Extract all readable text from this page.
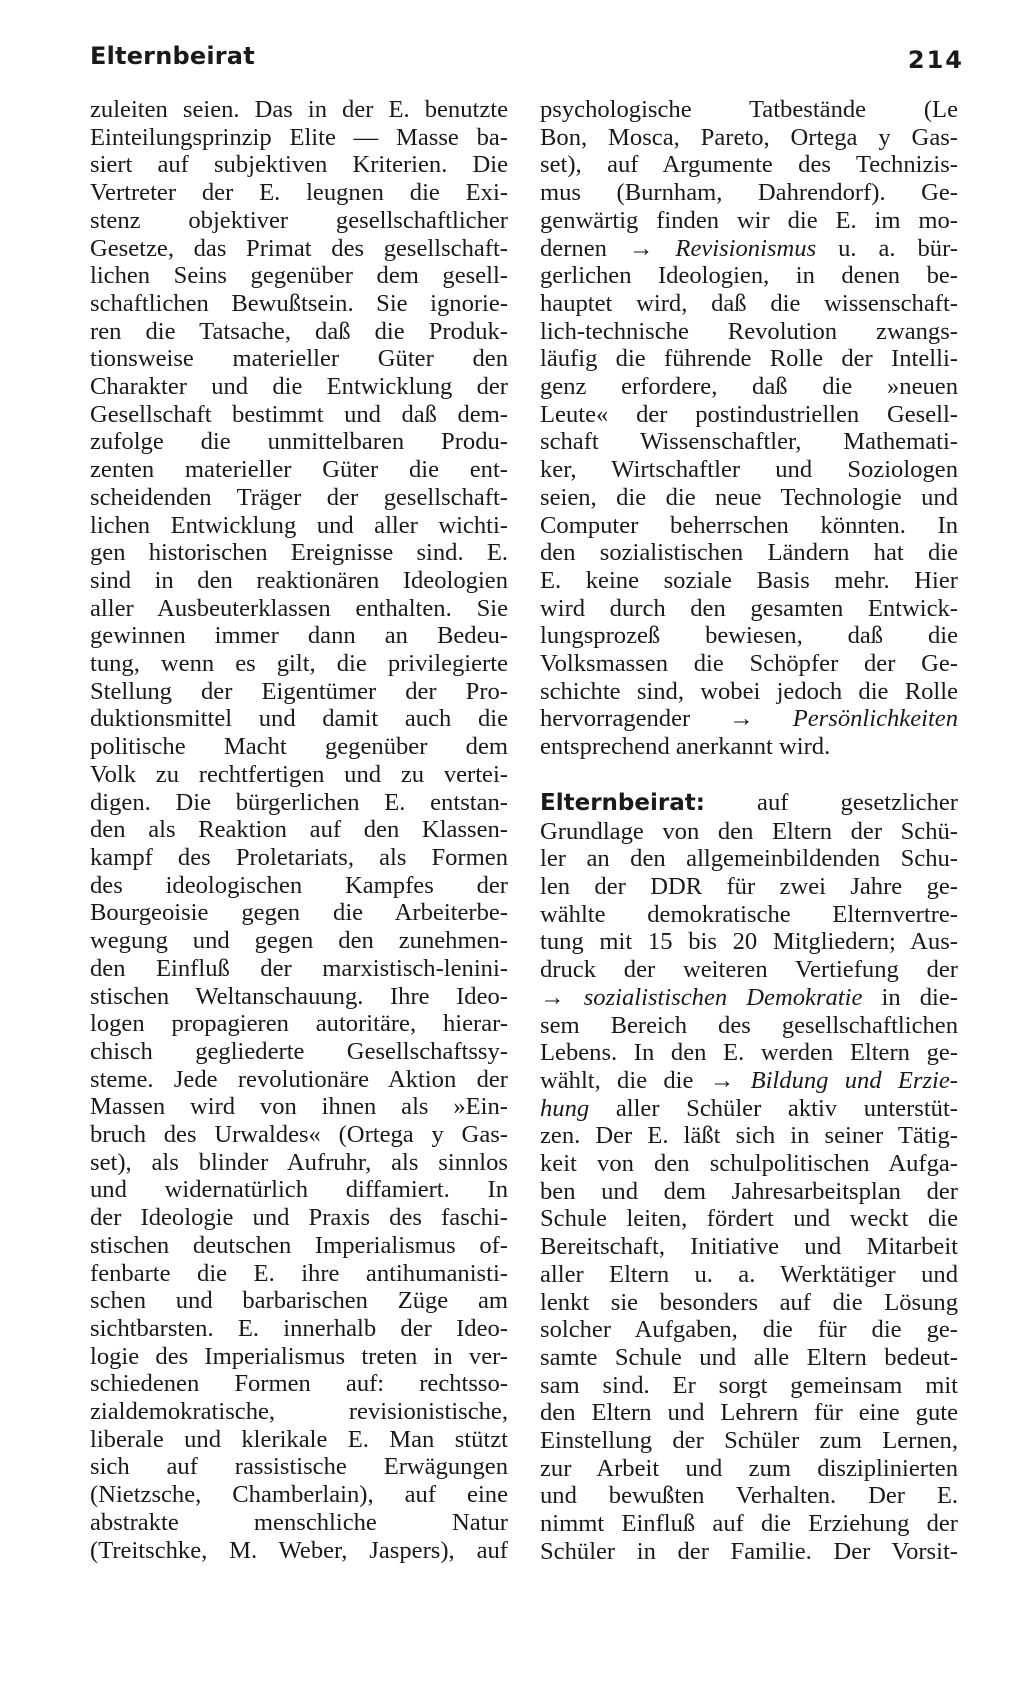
Elternbeirat	214
zuleiten seien. Das in der E. benutzte
Einteilungsprinzip Elite — Masse ba-
siert auf subjektiven Kriterien. Die
Vertreter der E. leugnen die Exi-
stenz objektiver gesellschaftlicher
Gesetze, das Primat des gesellschaft-
lichen Seins gegenüber dem gesell-
schaftlichen Bewußtsein. Sie ignorie-
ren die Tatsache, daß die Produk-
tionsweise materieller Güter den
Charakter und die Entwicklung der
Gesellschaft bestimmt und daß dem-
zufolge die unmittelbaren Produ-
zenten materieller Güter die ent-
scheidenden Träger der gesellschaft-
lichen Entwicklung und aller wichti-
gen historischen Ereignisse sind. E.
sind in den reaktionären Ideologien
aller Ausbeuterklassen enthalten. Sie
gewinnen immer dann an Bedeu-
tung, wenn es gilt, die privilegierte
Stellung der Eigentümer der Pro-
duktionsmittel und damit auch die
politische Macht gegenüber dem
Volk zu rechtfertigen und zu vertei-
digen. Die bürgerlichen E. entstan-
den als Reaktion auf den Klassen-
kampf des Proletariats, als Formen
des ideologischen Kampfes der
Bourgeoisie gegen die Arbeiterbe-
wegung und gegen den zunehmen-
den Einfluß der marxistisch-lenini-
stischen Weltanschauung. Ihre Ideo-
logen propagieren autoritäre, hierar-
chisch gegliederte Gesellschaftssy-
steme. Jede revolutionäre Aktion der
Massen wird von ihnen als »Ein-
bruch des Urwaldes« (Ortega y Gas-
set), als blinder Aufruhr, als sinnlos
und widernatürlich diffamiert. In
der Ideologie und Praxis des faschi-
stischen deutschen Imperialismus of-
fenbarte die E. ihre antihumanisti-
schen und barbarischen Züge am
sichtbarsten. E. innerhalb der Ideo-
logie des Imperialismus treten in ver-
schiedenen Formen auf: rechtsso-
zialdemokratische, revisionistische,
liberale und klerikale E. Man stützt
sich auf rassistische Erwägungen
(Nietzsche, Chamberlain), auf eine
abstrakte menschliche Natur
(Treitschke, M. Weber, Jaspers), auf
psychologische Tatbestände (Le
Bon, Mosca, Pareto, Ortega y Gas-
set), auf Argumente des Technizis-
mus (Burnham, Dahrendorf). Ge-
genwärtig finden wir die E. im mo-
dernen → Revisionismus u. a. bür-
gerlichen Ideologien, in denen be-
hauptet wird, daß die wissenschaft-
lich-technische Revolution zwangs-
läufig die führende Rolle der Intelli-
genz erfordere, daß die »neuen
Leute« der postindustriellen Gesell-
schaft Wissenschaftler, Mathemati-
ker, Wirtschaftler und Soziologen
seien, die die neue Technologie und
Computer beherrschen könnten. In
den sozialistischen Ländern hat die
E. keine soziale Basis mehr. Hier
wird durch den gesamten Entwick-
lungsprozeß bewiesen, daß die
Volksmassen die Schöpfer der Ge-
schichte sind, wobei jedoch die Rolle
hervorragender → Persönlichkeiten
entsprechend anerkannt wird.
Elternbeirat: auf gesetzlicher
Grundlage von den Eltern der Schü-
ler an den allgemeinbildenden Schu-
len der DDR für zwei Jahre ge-
wählte demokratische Elternvertre-
tung mit 15 bis 20 Mitgliedern; Aus-
druck der weiteren Vertiefung der
→ sozialistischen Demokratie in die-
sem Bereich des gesellschaftlichen
Lebens. In den E. werden Eltern ge-
wählt, die die → Bildung und Erzie-
hung aller Schüler aktiv unterstüt-
zen. Der E. läßt sich in seiner Tätig-
keit von den schulpolitischen Aufga-
ben und dem Jahresarbeitsplan der
Schule leiten, fördert und weckt die
Bereitschaft, Initiative und Mitarbeit
aller Eltern u. a. Werktätiger und
lenkt sie besonders auf die Lösung
solcher Aufgaben, die für die ge-
samte Schule und alle Eltern bedeut-
sam sind. Er sorgt gemeinsam mit
den Eltern und Lehrern für eine gute
Einstellung der Schüler zum Lernen,
zur Arbeit und zum disziplinierten
und bewußten Verhalten. Der E.
nimmt Einfluß auf die Erziehung der
Schüler in der Familie. Der Vorsit-
